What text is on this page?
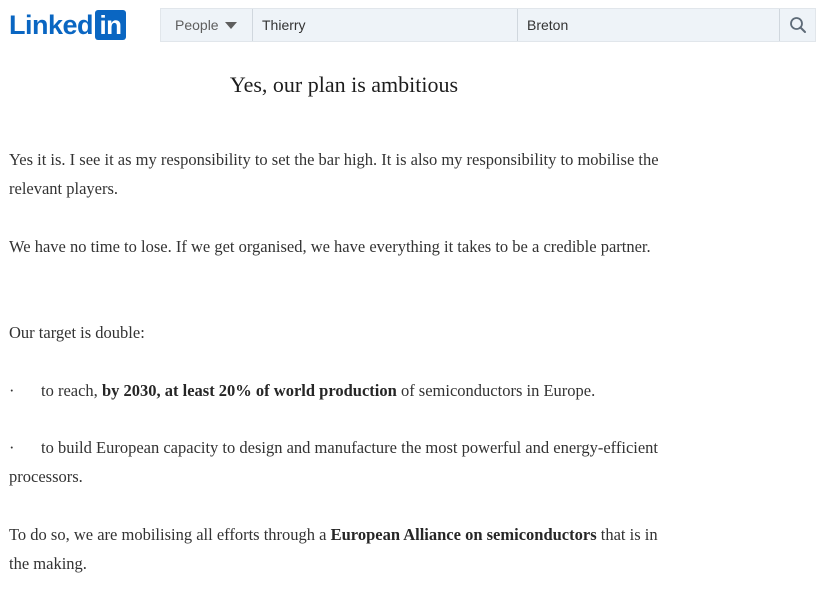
Linked in	People	Thierry	Breton
Yes, our plan is ambitious

Yes it is. I see it as my responsibility to set the bar high. It is also my responsibility to mobilise the relevant players.

We have no time to lose. If we get organised, we have everything it takes to be a credible partner.

Our target is double:

· to reach, by 2030, at least 20% of world production of semiconductors in Europe.

· to build European capacity to design and manufacture the most powerful and energy-efficient processors.

To do so, we are mobilising all efforts through a European Alliance on semiconductors that is in the making.
